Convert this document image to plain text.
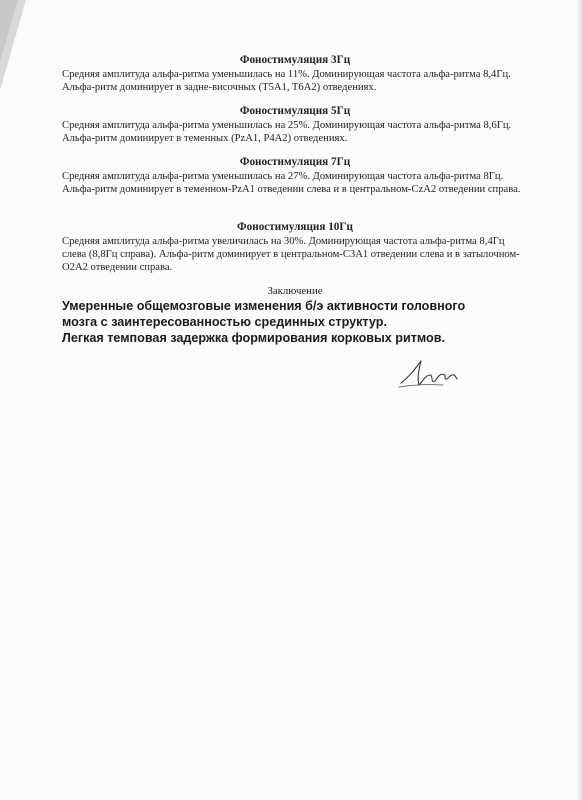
Фоностимуляция 3Гц

Средняя амплитуда альфа-ритма уменьшилась на 11%. Доминирующая частота альфа-ритма 8,4Гц. Альфа-ритм доминирует в задне-височных (T5A1, T6A2) отведениях.

Фоностимуляция 5Гц

Средняя амплитуда альфа-ритма уменьшилась на 25%. Доминирующая частота альфа-ритма 8,6Гц. Альфа-ритм доминирует в теменных (PzA1, P4A2) отведениях.

Фоностимуляция 7Гц

Средняя амплитуда альфа-ритма уменьшилась на 27%. Доминирующая частота альфа-ритма 8Гц. Альфа-ритм доминирует в теменном-PzA1 отведении слева и в центральном-CzA2 отведении справа.

Фоностимуляция 10Гц

Средняя амплитуда альфа-ритма увеличилась на 30%. Доминирующая частота альфа-ритма 8,4Гц слева (8,8Гц справа). Альфа-ритм доминирует в центральном-C3A1 отведении слева и в затылочном-O2A2 отведении справа.

Заключение
Умеренные общемозговые изменения б/э активности головного
мозга с заинтересованностью срединных структур.
Легкая темповая задержка формирования корковых ритмов.
